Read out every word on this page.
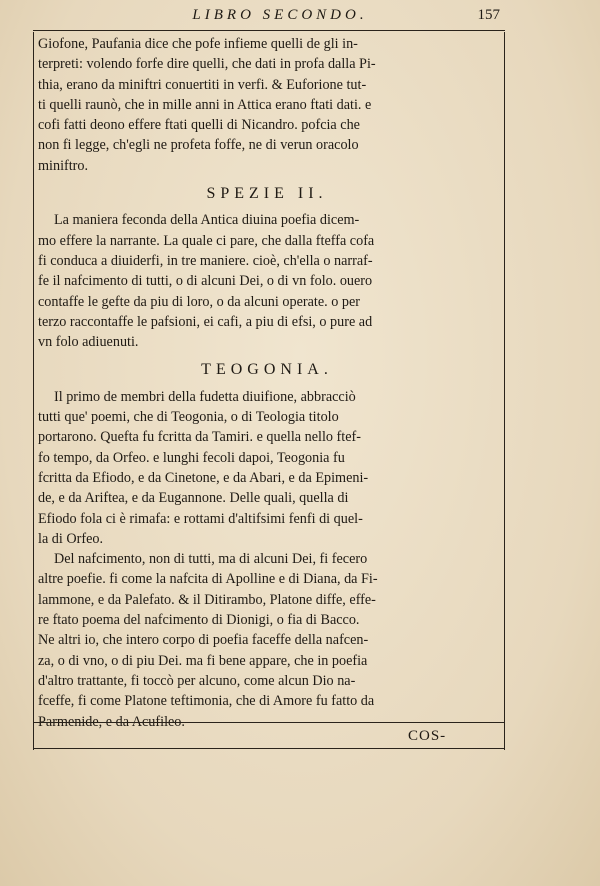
LIBRO SECONDO.	157
Giofone, Paufania dice che pofe infieme quelli de gli in-
terpreti: volendo forfe dire quelli, che dati in profa dalla Pi-
thia, erano da miniftri conuertiti in verfi. & Euforione tut-
ti quelli raunò, che in mille anni in Attica erano ftati dati. e
cofi fatti deono effere ftati quelli di Nicandro. pofcia che
non fi legge, ch'egli ne profeta foffe, ne di verun oracolo
miniftro.
SPEZIE II.
La maniera feconda della Antica diuina poefia dicem-
mo effere la narrante. La quale ci pare, che dalla fteffa cofa
fi conduca a diuiderfi, in tre maniere. cioè, ch'ella o narraf-
fe il nafcimento di tutti, o di alcuni Dei, o di vn folo. ouero
contaffe le gefte da piu di loro, o da alcuni operate. o per
terzo raccontaffe le pafsioni, ei cafi, a piu di efsi, o pure ad
vn folo adiuenuti.
TEOGONIA.
Il primo de membri della fudetta diuifione, abbracciò
tutti que' poemi, che di Teogonia, o di Teologia titolo
portarono. Quefta fu fcritta da Tamiri. e quella nello ftef-
fo tempo, da Orfeo. e lunghi fecoli dapoi, Teogonia fu
fcritta da Efiodo, e da Cinetone, e da Abari, e da Epimeni-
de, e da Ariftea, e da Eugannone. Delle quali, quella di
Efiodo fola ci è rimafa: e rottami d'altifsimi fenfi di quel-
la di Orfeo.
Del nafcimento, non di tutti, ma di alcuni Dei, fi fecero
altre poefie. fi come la nafcita di Apolline e di Diana, da Fi-
lammone, e da Palefato. & il Ditirambo, Platone diffe, effe-
re ftato poema del nafcimento di Dionigi, o fia di Bacco.
Ne altri io, che intero corpo di poefia faceffe della nafcen-
za, o di vno, o di piu Dei. ma fi bene appare, che in poefia
d'altro trattante, fi toccò per alcuno, come alcun Dio na-
fceffe, fi come Platone teftimonia, che di Amore fu fatto da
Parmenide, e da Acufileo.
COS-
